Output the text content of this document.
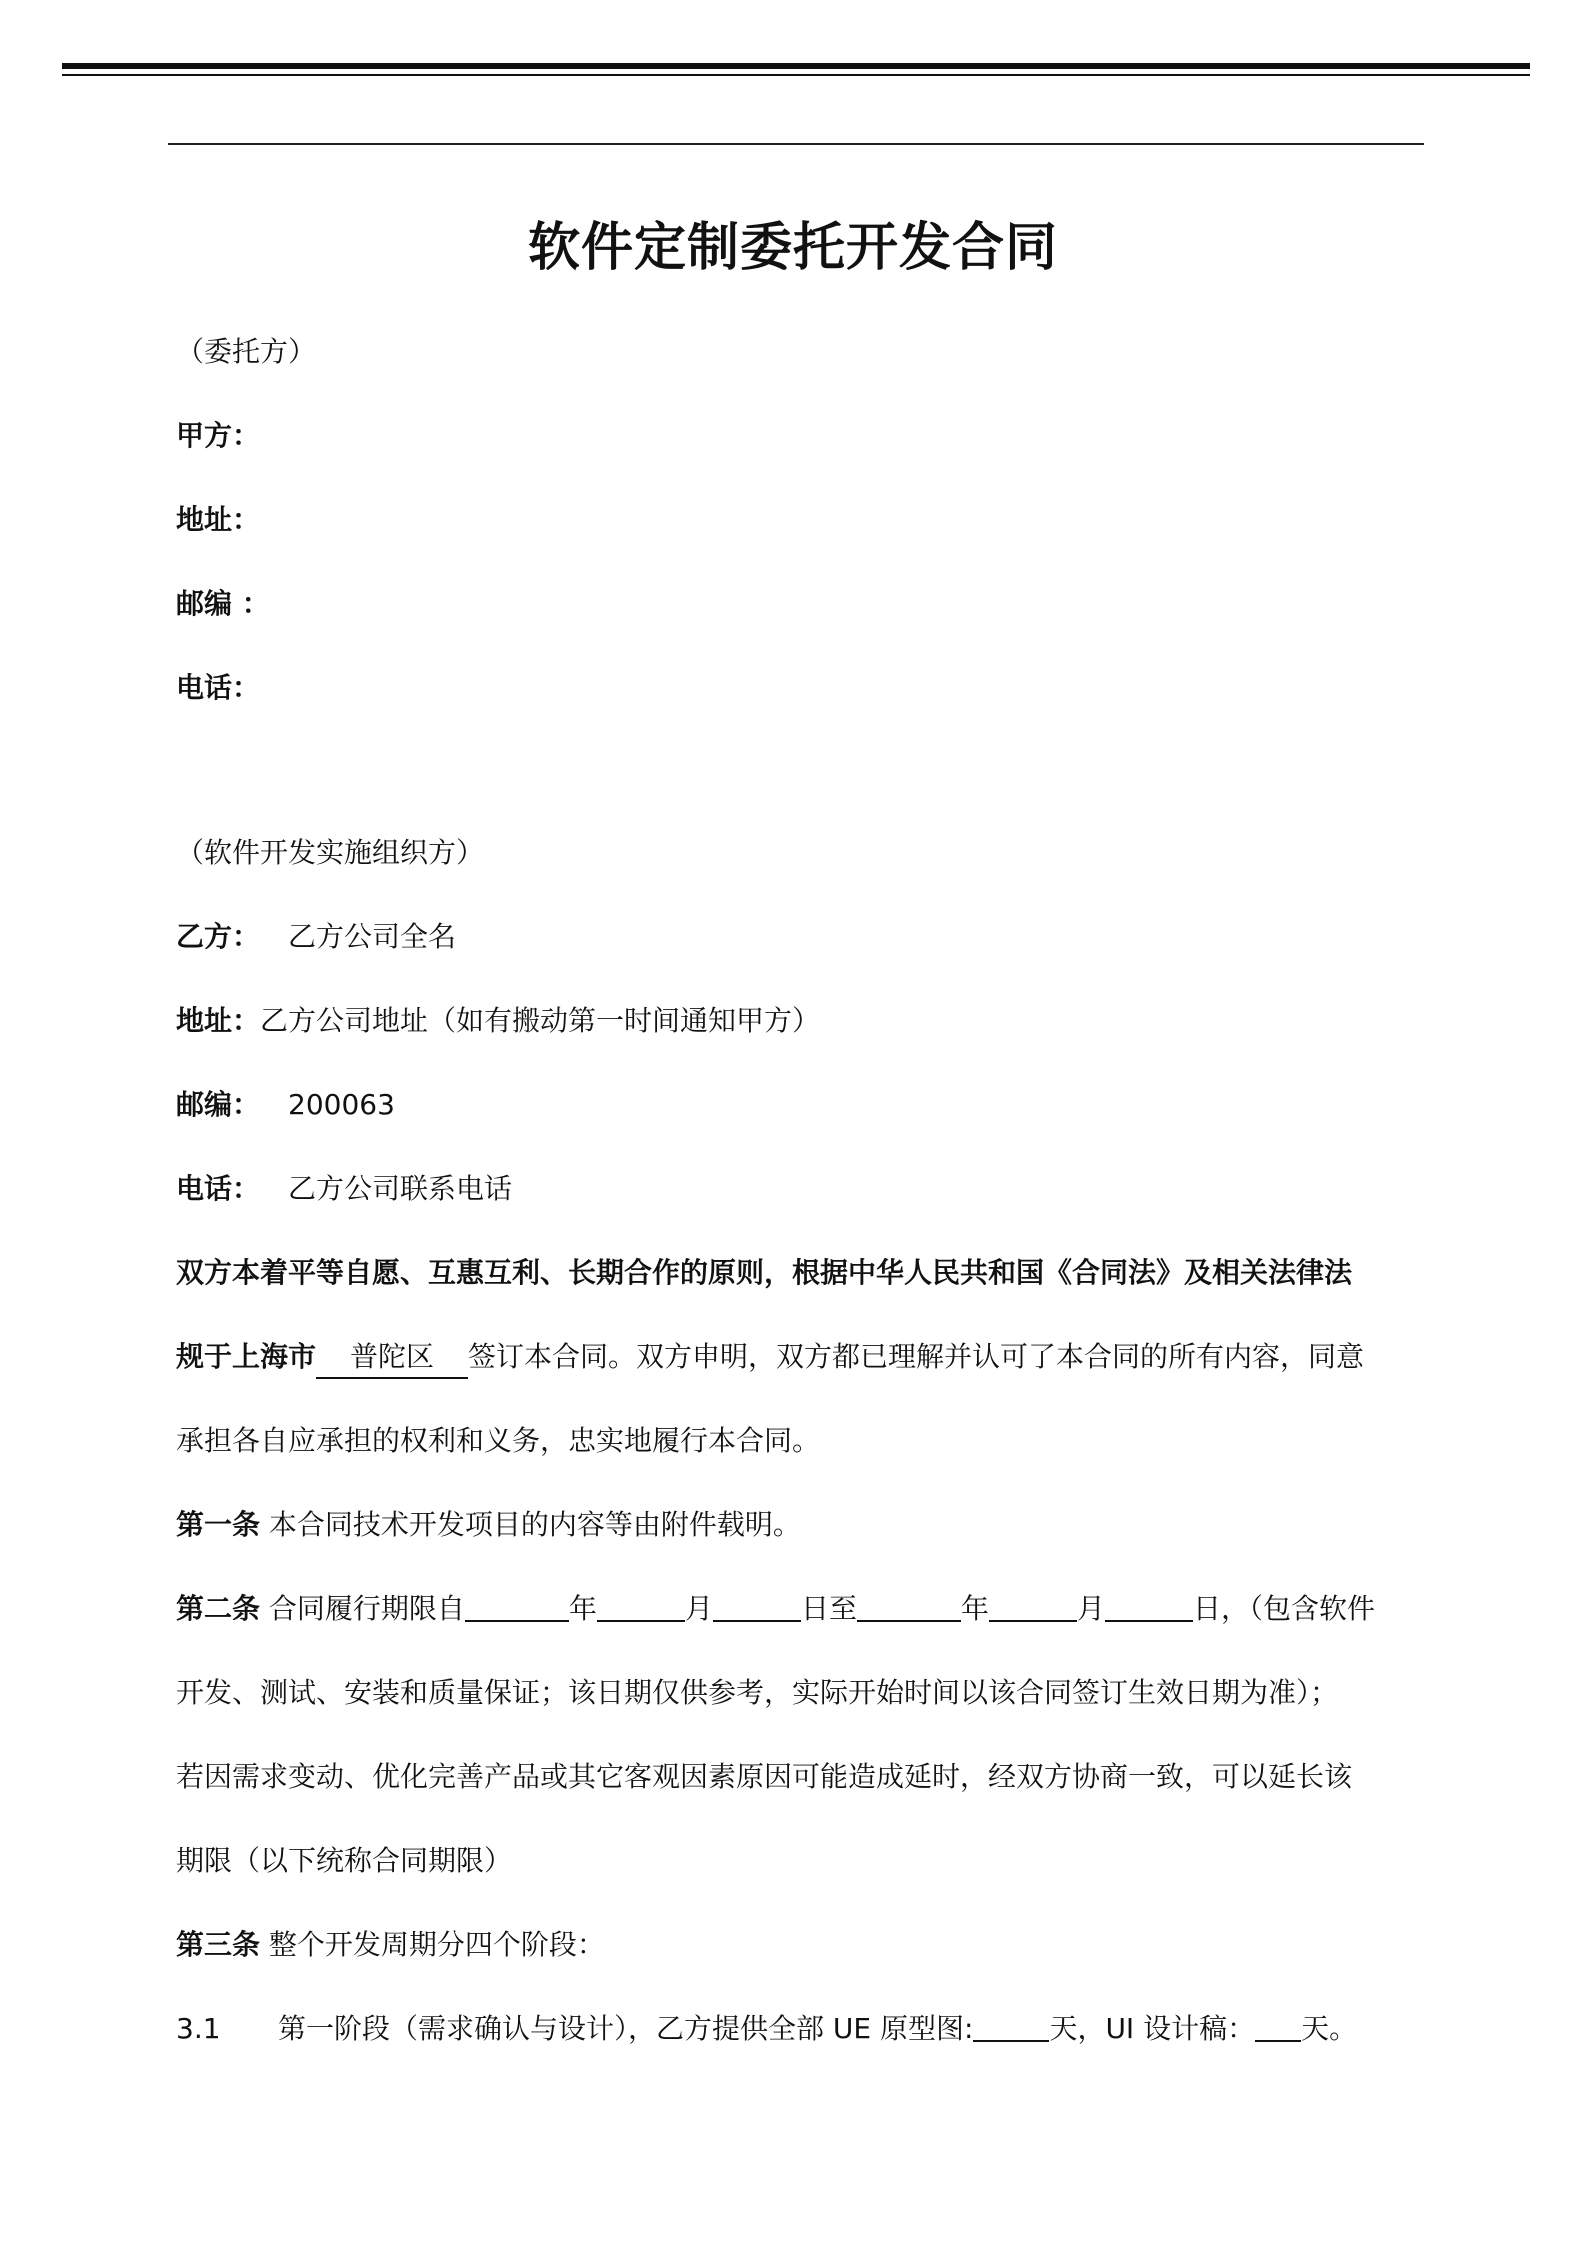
软件定制委托开发合同
（委托方）
甲方：
地址：
邮编 ：
电话：
（软件开发实施组织方）
乙方： 乙方公司全名
地址：乙方公司地址（如有搬动第一时间通知甲方）
邮编： 200063
电话： 乙方公司联系电话
双方本着平等自愿、互惠互利、长期合作的原则，根据中华人民共和国《合同法》及相关法律法
规于上海市 普陀区 签订本合同。双方申明，双方都已理解并认可了本合同的所有内容，同意
承担各自应承担的权利和义务，忠实地履行本合同。
第一条 本合同技术开发项目的内容等由附件载明。
第二条 合同履行期限自	年	月	日至	年	月	日，（包含软件
开发、测试、安装和质量保证；该日期仅供参考，实际开始时间以该合同签订生效日期为准）；
若因需求变动、优化完善产品或其它客观因素原因可能造成延时，经双方协商一致，可以延长该
期限（以下统称合同期限）
第三条 整个开发周期分四个阶段：
3.1 第一阶段（需求确认与设计），乙方提供全部 UE 原型图:	天，UI 设计稿： 天。
